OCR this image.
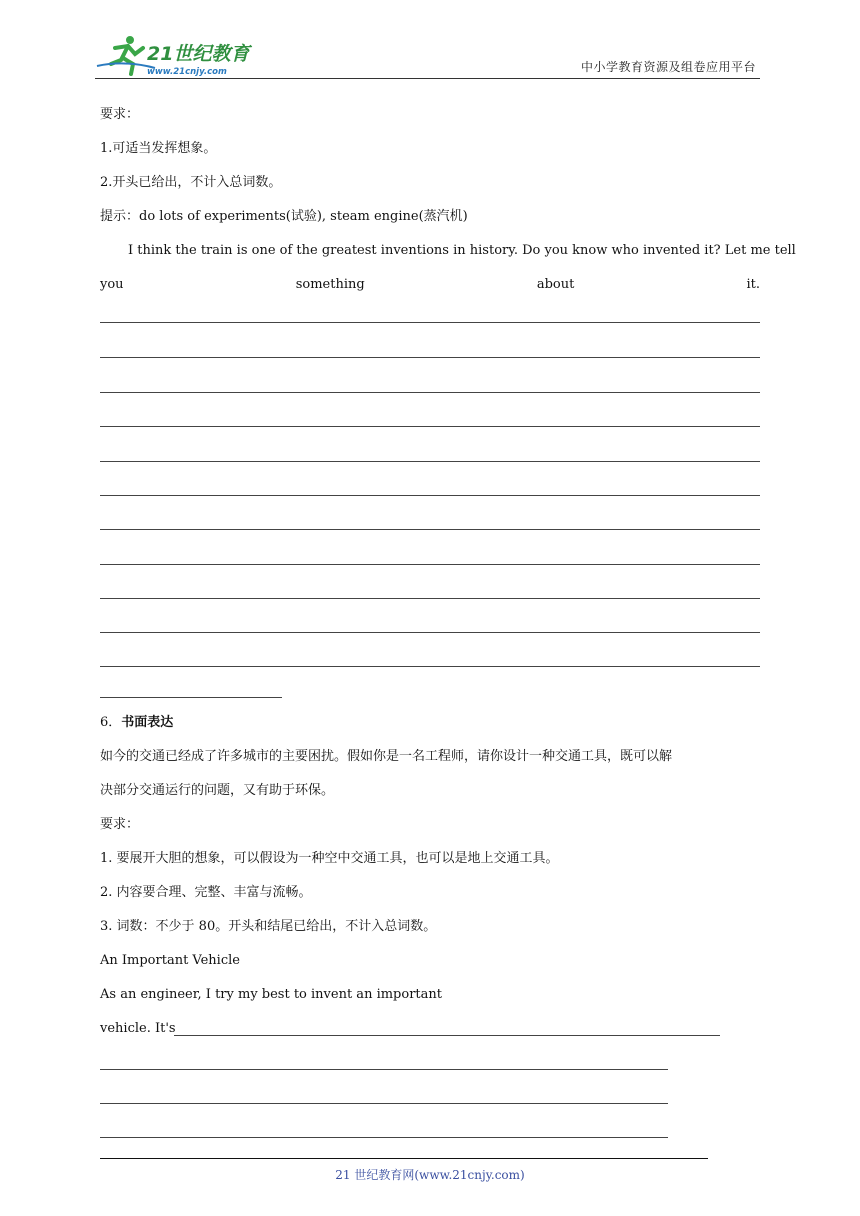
21世纪教育
www.21cnjy.com	中小学教育资源及组卷应用平台
要求：
1.可适当发挥想象。
2.开头已给出，不计入总词数。
提示：do lots of experiments(试验), steam engine(蒸汽机)
I think the train is one of the greatest inventions in history. Do you know who invented it? Let me tell
you	something	about	it.
6．书面表达
如今的交通已经成了许多城市的主要困扰。假如你是一名工程师，请你设计一种交通工具，既可以解
决部分交通运行的问题，又有助于环保。
要求：
1. 要展开大胆的想象，可以假设为一种空中交通工具，也可以是地上交通工具。
2. 内容要合理、完整、丰富与流畅。
3. 词数：不少于 80。开头和结尾已给出，不计入总词数。
An Important Vehicle
As an engineer, I try my best to invent an important
vehicle. It's
21 世纪教育网(www.21cnjy.com)
